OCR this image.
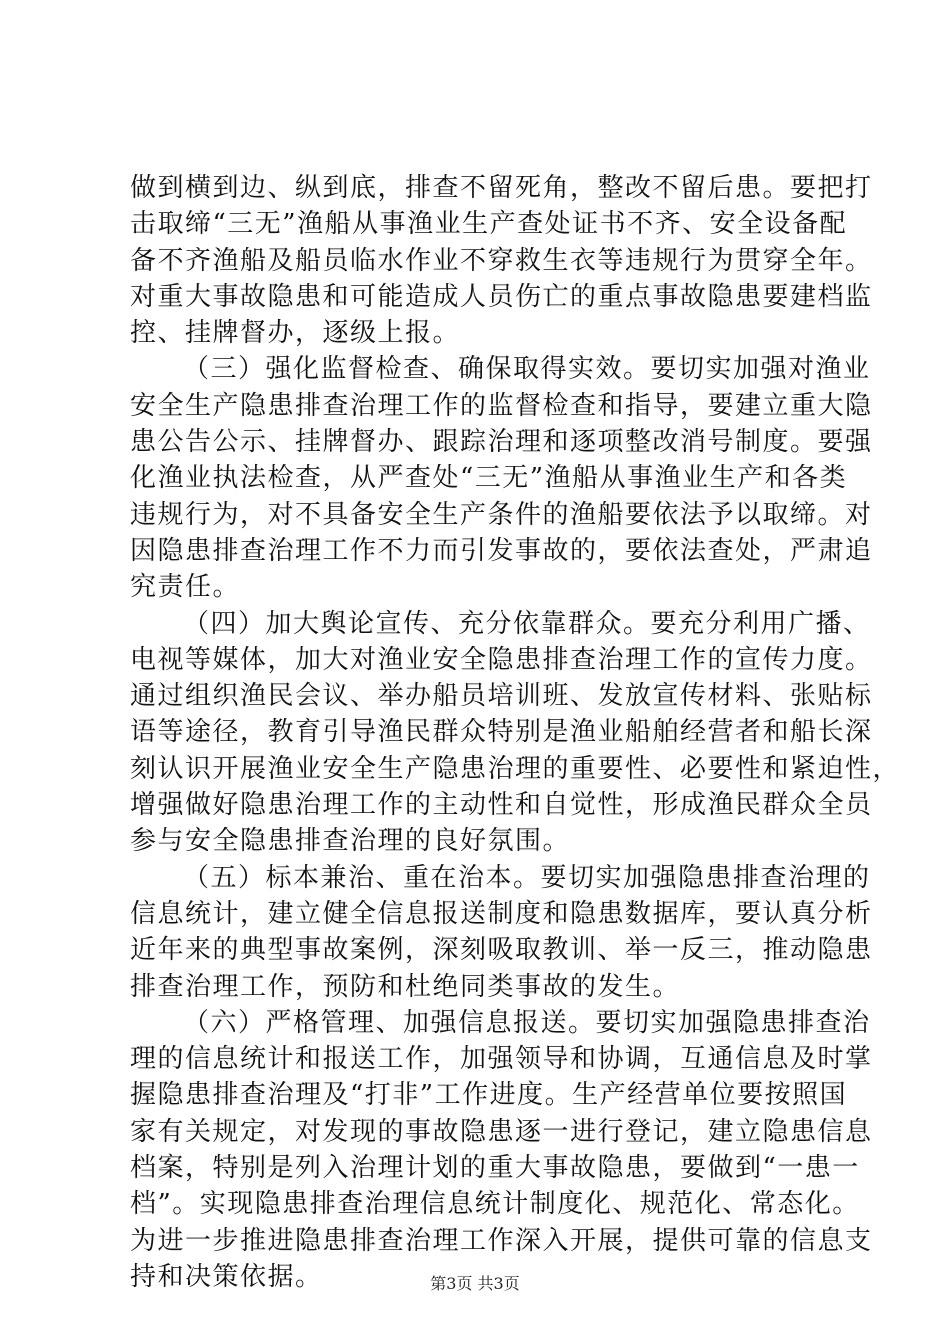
做到横到边、纵到底，排查不留死角，整改不留后患。要把打
击取缔“三无”渔船从事渔业生产查处证书不齐、安全设备配
备不齐渔船及船员临水作业不穿救生衣等违规行为贯穿全年。
对重大事故隐患和可能造成人员伤亡的重点事故隐患要建档监
控、挂牌督办，逐级上报。
（三）强化监督检查、确保取得实效。要切实加强对渔业
安全生产隐患排查治理工作的监督检查和指导，要建立重大隐
患公告公示、挂牌督办、跟踪治理和逐项整改消号制度。要强
化渔业执法检查，从严查处“三无”渔船从事渔业生产和各类
违规行为，对不具备安全生产条件的渔船要依法予以取缔。对
因隐患排查治理工作不力而引发事故的，要依法查处，严肃追
究责任。
（四）加大舆论宣传、充分依靠群众。要充分利用广播、
电视等媒体，加大对渔业安全隐患排查治理工作的宣传力度。
通过组织渔民会议、举办船员培训班、发放宣传材料、张贴标
语等途径，教育引导渔民群众特别是渔业船舶经营者和船长深
刻认识开展渔业安全生产隐患治理的重要性、必要性和紧迫性，
增强做好隐患治理工作的主动性和自觉性，形成渔民群众全员
参与安全隐患排查治理的良好氛围。
（五）标本兼治、重在治本。要切实加强隐患排查治理的
信息统计，建立健全信息报送制度和隐患数据库，要认真分析
近年来的典型事故案例，深刻吸取教训、举一反三，推动隐患
排查治理工作，预防和杜绝同类事故的发生。
（六）严格管理、加强信息报送。要切实加强隐患排查治
理的信息统计和报送工作，加强领导和协调，互通信息及时掌
握隐患排查治理及“打非”工作进度。生产经营单位要按照国
家有关规定，对发现的事故隐患逐一进行登记，建立隐患信息
档案，特别是列入治理计划的重大事故隐患，要做到“一患一
档”。实现隐患排查治理信息统计制度化、规范化、常态化。
为进一步推进隐患排查治理工作深入开展，提供可靠的信息支
持和决策依据。	第3页 共3页
